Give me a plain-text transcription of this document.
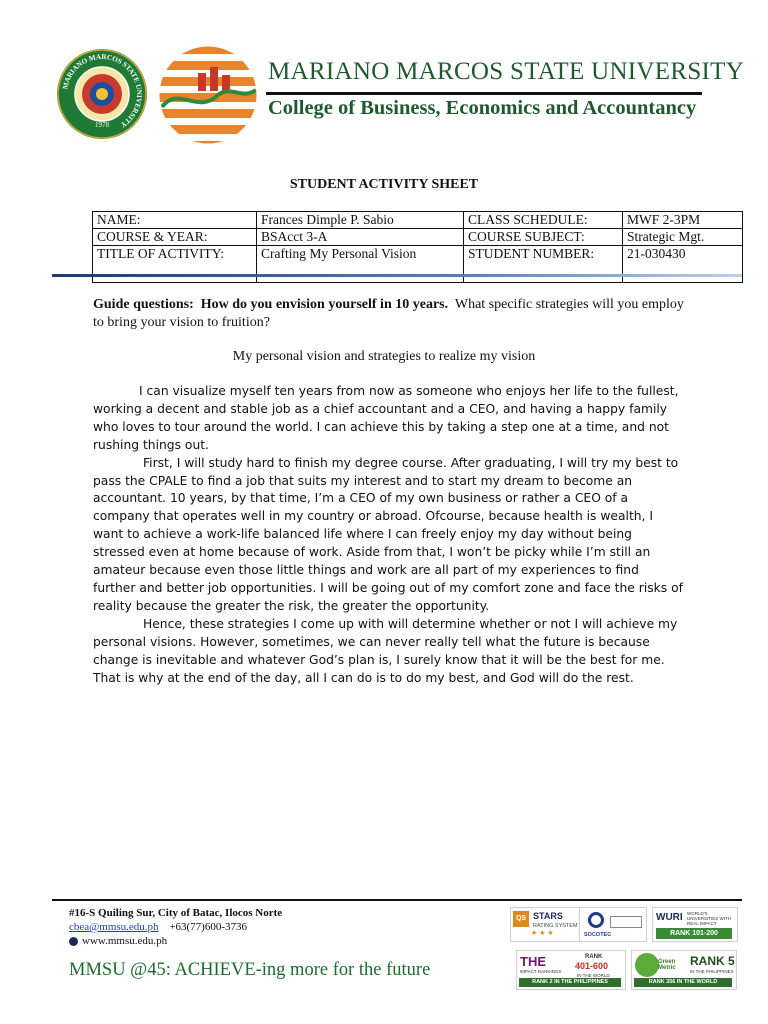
MARIANO MARCOS STATE UNIVERSITY
1978
MARIANO MARCOS STATE UNIVERSITY
College of Business, Economics and Accountancy
STUDENT ACTIVITY SHEET
NAME:	Frances Dimple P. Sabio	CLASS SCHEDULE:	MWF 2-3PM
COURSE & YEAR:	BSAcct 3-A	COURSE SUBJECT:	Strategic Mgt.
TITLE OF ACTIVITY:	Crafting My Personal Vision	STUDENT NUMBER:	21-030430
Guide questions: How do you envision yourself in 10 years. What specific strategies will you employ to bring your vision to fruition?
My personal vision and strategies to realize my vision

I can visualize myself ten years from now as someone who enjoys her life to the fullest, working a decent and stable job as a chief accountant and a CEO, and having a happy family who loves to tour around the world. I can achieve this by taking a step one at a time, and not rushing things out.

First, I will study hard to finish my degree course. After graduating, I will try my best to pass the CPALE to find a job that suits my interest and to start my dream to become an accountant. 10 years, by that time, I’m a CEO of my own business or rather a CEO of a company that operates well in my country or abroad. Ofcourse, because health is wealth, I want to achieve a work-life balanced life where I can freely enjoy my day without being stressed even at home because of work. Aside from that, I won’t be picky while I’m still an amateur because even those little things and work are all part of my experiences to find further and better job opportunities. I will be going out of my comfort zone and face the risks of reality because the greater the risk, the greater the opportunity.

Hence, these strategies I come up with will determine whether or not I will achieve my personal visions. However, sometimes, we can never really tell what the future is because change is inevitable and whatever God’s plan is, I surely know that it will be the best for me. That is why at the end of the day, all I can do is to do my best, and God will do the rest.

#16-S Quiling Sur, City of Batac, Ilocos Norte
cbea@mmsu.edu.ph +63(77)600-3736
www.mmsu.edu.ph
MMSU @45: ACHIEVE-ing more for the future
QS STARS
RATING SYSTEM
★ ★ ★	SOCOTEC
WURI WORLD'S UNIVERSITIES WITH REAL IMPACT
RANK 101-200
THE
IMPACT RANKINGS
RANK
401-600
IN THE WORLD
RANK 2 IN THE PHILIPPINES
Green Metric	RANK 5
IN THE PHILIPPINES
RANK 356 IN THE WORLD
